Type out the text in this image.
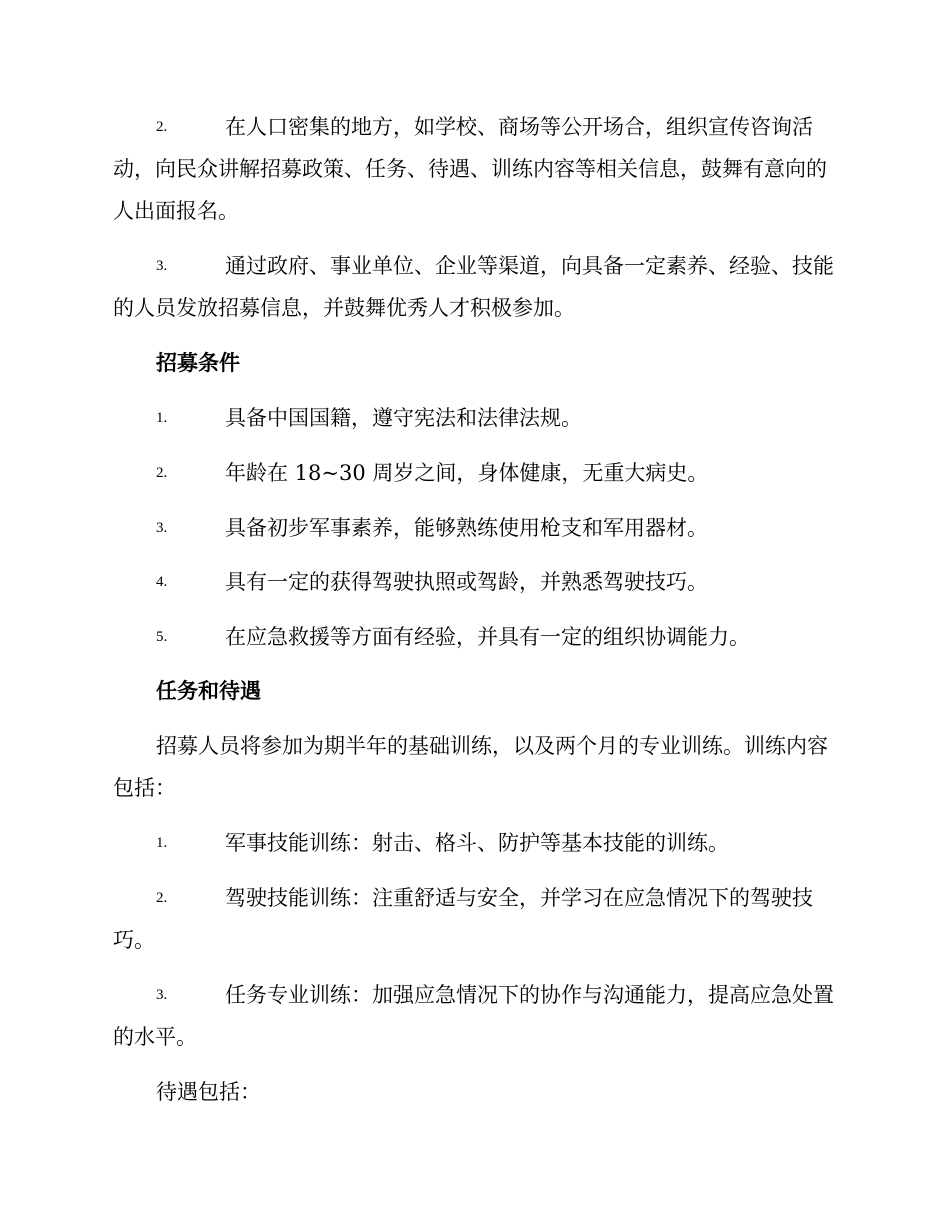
2.	在人口密集的地方，如学校、商场等公开场合，组织宣传咨询活动，向民众讲解招募政策、任务、待遇、训练内容等相关信息，鼓舞有意向的人出面报名。
3.	通过政府、事业单位、企业等渠道，向具备一定素养、经验、技能的人员发放招募信息，并鼓舞优秀人才积极参加。
招募条件
1.	具备中国国籍，遵守宪法和法律法规。
2.	年龄在 18~30 周岁之间，身体健康，无重大病史。
3.	具备初步军事素养，能够熟练使用枪支和军用器材。
4.	具有一定的获得驾驶执照或驾龄，并熟悉驾驶技巧。
5.	在应急救援等方面有经验，并具有一定的组织协调能力。
任务和待遇
招募人员将参加为期半年的基础训练，以及两个月的专业训练。训练内容包括：
1.	军事技能训练：射击、格斗、防护等基本技能的训练。
2.	驾驶技能训练：注重舒适与安全，并学习在应急情况下的驾驶技巧。
3.	任务专业训练：加强应急情况下的协作与沟通能力，提高应急处置的水平。
待遇包括：
